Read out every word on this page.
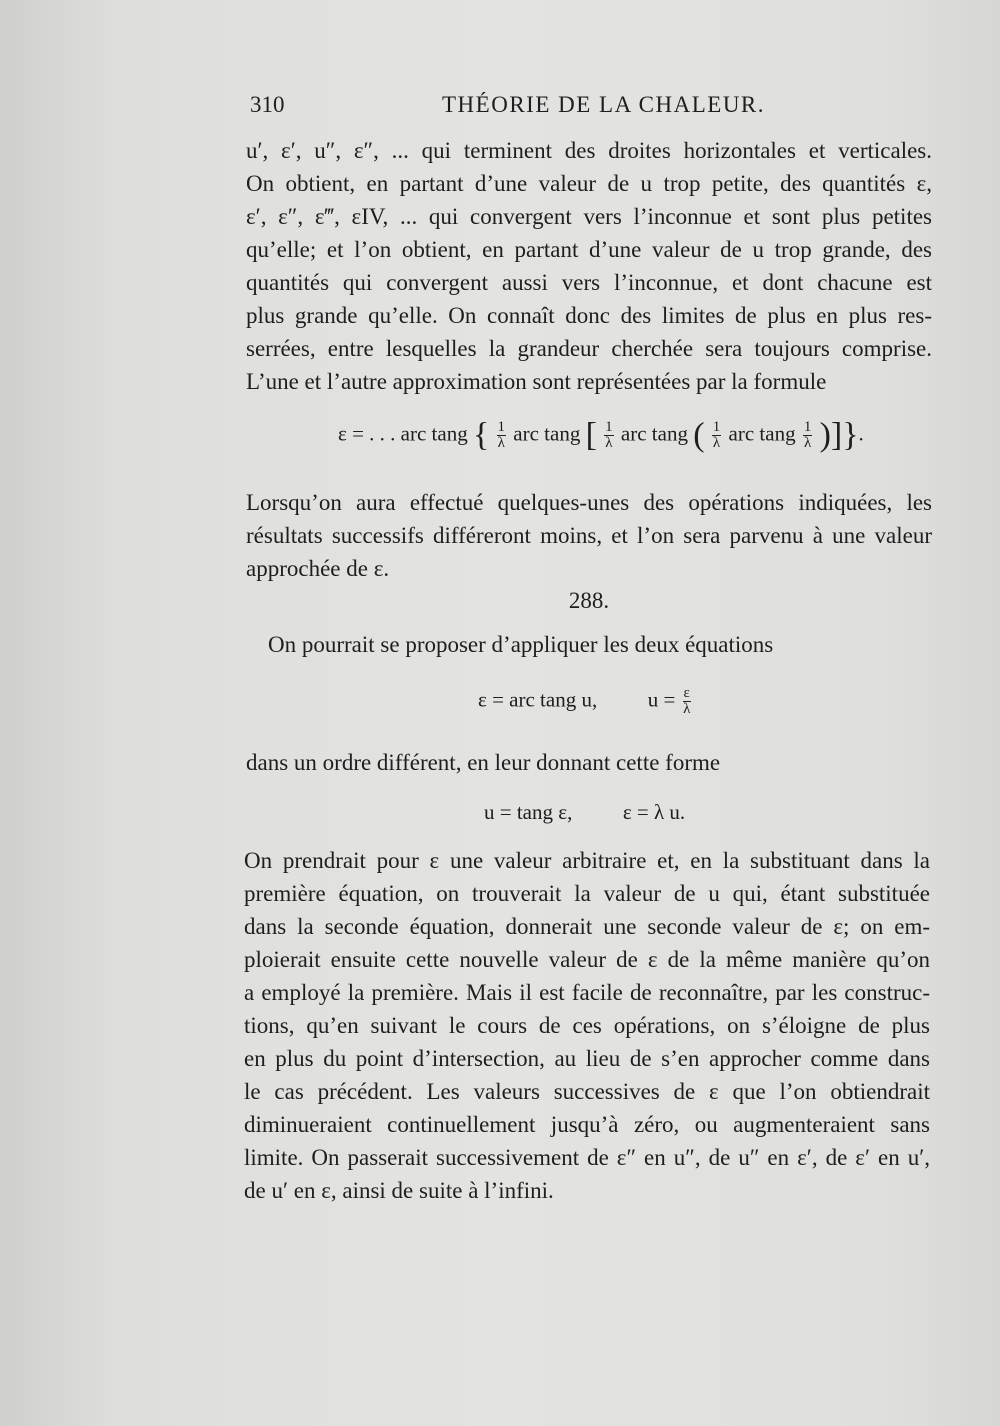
310	THÉORIE DE LA CHALEUR.
u′, ε′, u″, ε″, ... qui terminent des droites horizontales et verticales.
On obtient, en partant d’une valeur de u trop petite, des quantités ε,
ε′, ε″, ε‴, εIV, ... qui convergent vers l’inconnue et sont plus petites
qu’elle; et l’on obtient, en partant d’une valeur de u trop grande, des
quantités qui convergent aussi vers l’inconnue, et dont chacune est
plus grande qu’elle. On connaît donc des limites de plus en plus res-
serrées, entre lesquelles la grandeur cherchée sera toujours comprise.
L’une et l’autre approximation sont représentées par la formule
ε = . . . arc tang { $\frac{1}{\lambda}$ arc tang [ $\frac{1}{\lambda}$ arc tang ( $\frac{1}{\lambda}$ arc tang $\frac{1}{\lambda}$ )]}.
Lorsqu’on aura effectué quelques-unes des opérations indiquées, les
résultats successifs différeront moins, et l’on sera parvenu à une valeur
approchée de ε.
288.
On pourrait se proposer d’appliquer les deux équations
ε = arc tang u, $u = \frac{\varepsilon}{\lambda}$
dans un ordre différent, en leur donnant cette forme
u = tang ε, ε = λ u.
On prendrait pour ε une valeur arbitraire et, en la substituant dans la
première équation, on trouverait la valeur de u qui, étant substituée
dans la seconde équation, donnerait une seconde valeur de ε; on em-
ploierait ensuite cette nouvelle valeur de ε de la même manière qu’on
a employé la première. Mais il est facile de reconnaître, par les construc-
tions, qu’en suivant le cours de ces opérations, on s’éloigne de plus
en plus du point d’intersection, au lieu de s’en approcher comme dans
le cas précédent. Les valeurs successives de ε que l’on obtiendrait
diminueraient continuellement jusqu’à zéro, ou augmenteraient sans
limite. On passerait successivement de ε″ en u″, de u″ en ε′, de ε′ en u′,
de u′ en ε, ainsi de suite à l’infini.
